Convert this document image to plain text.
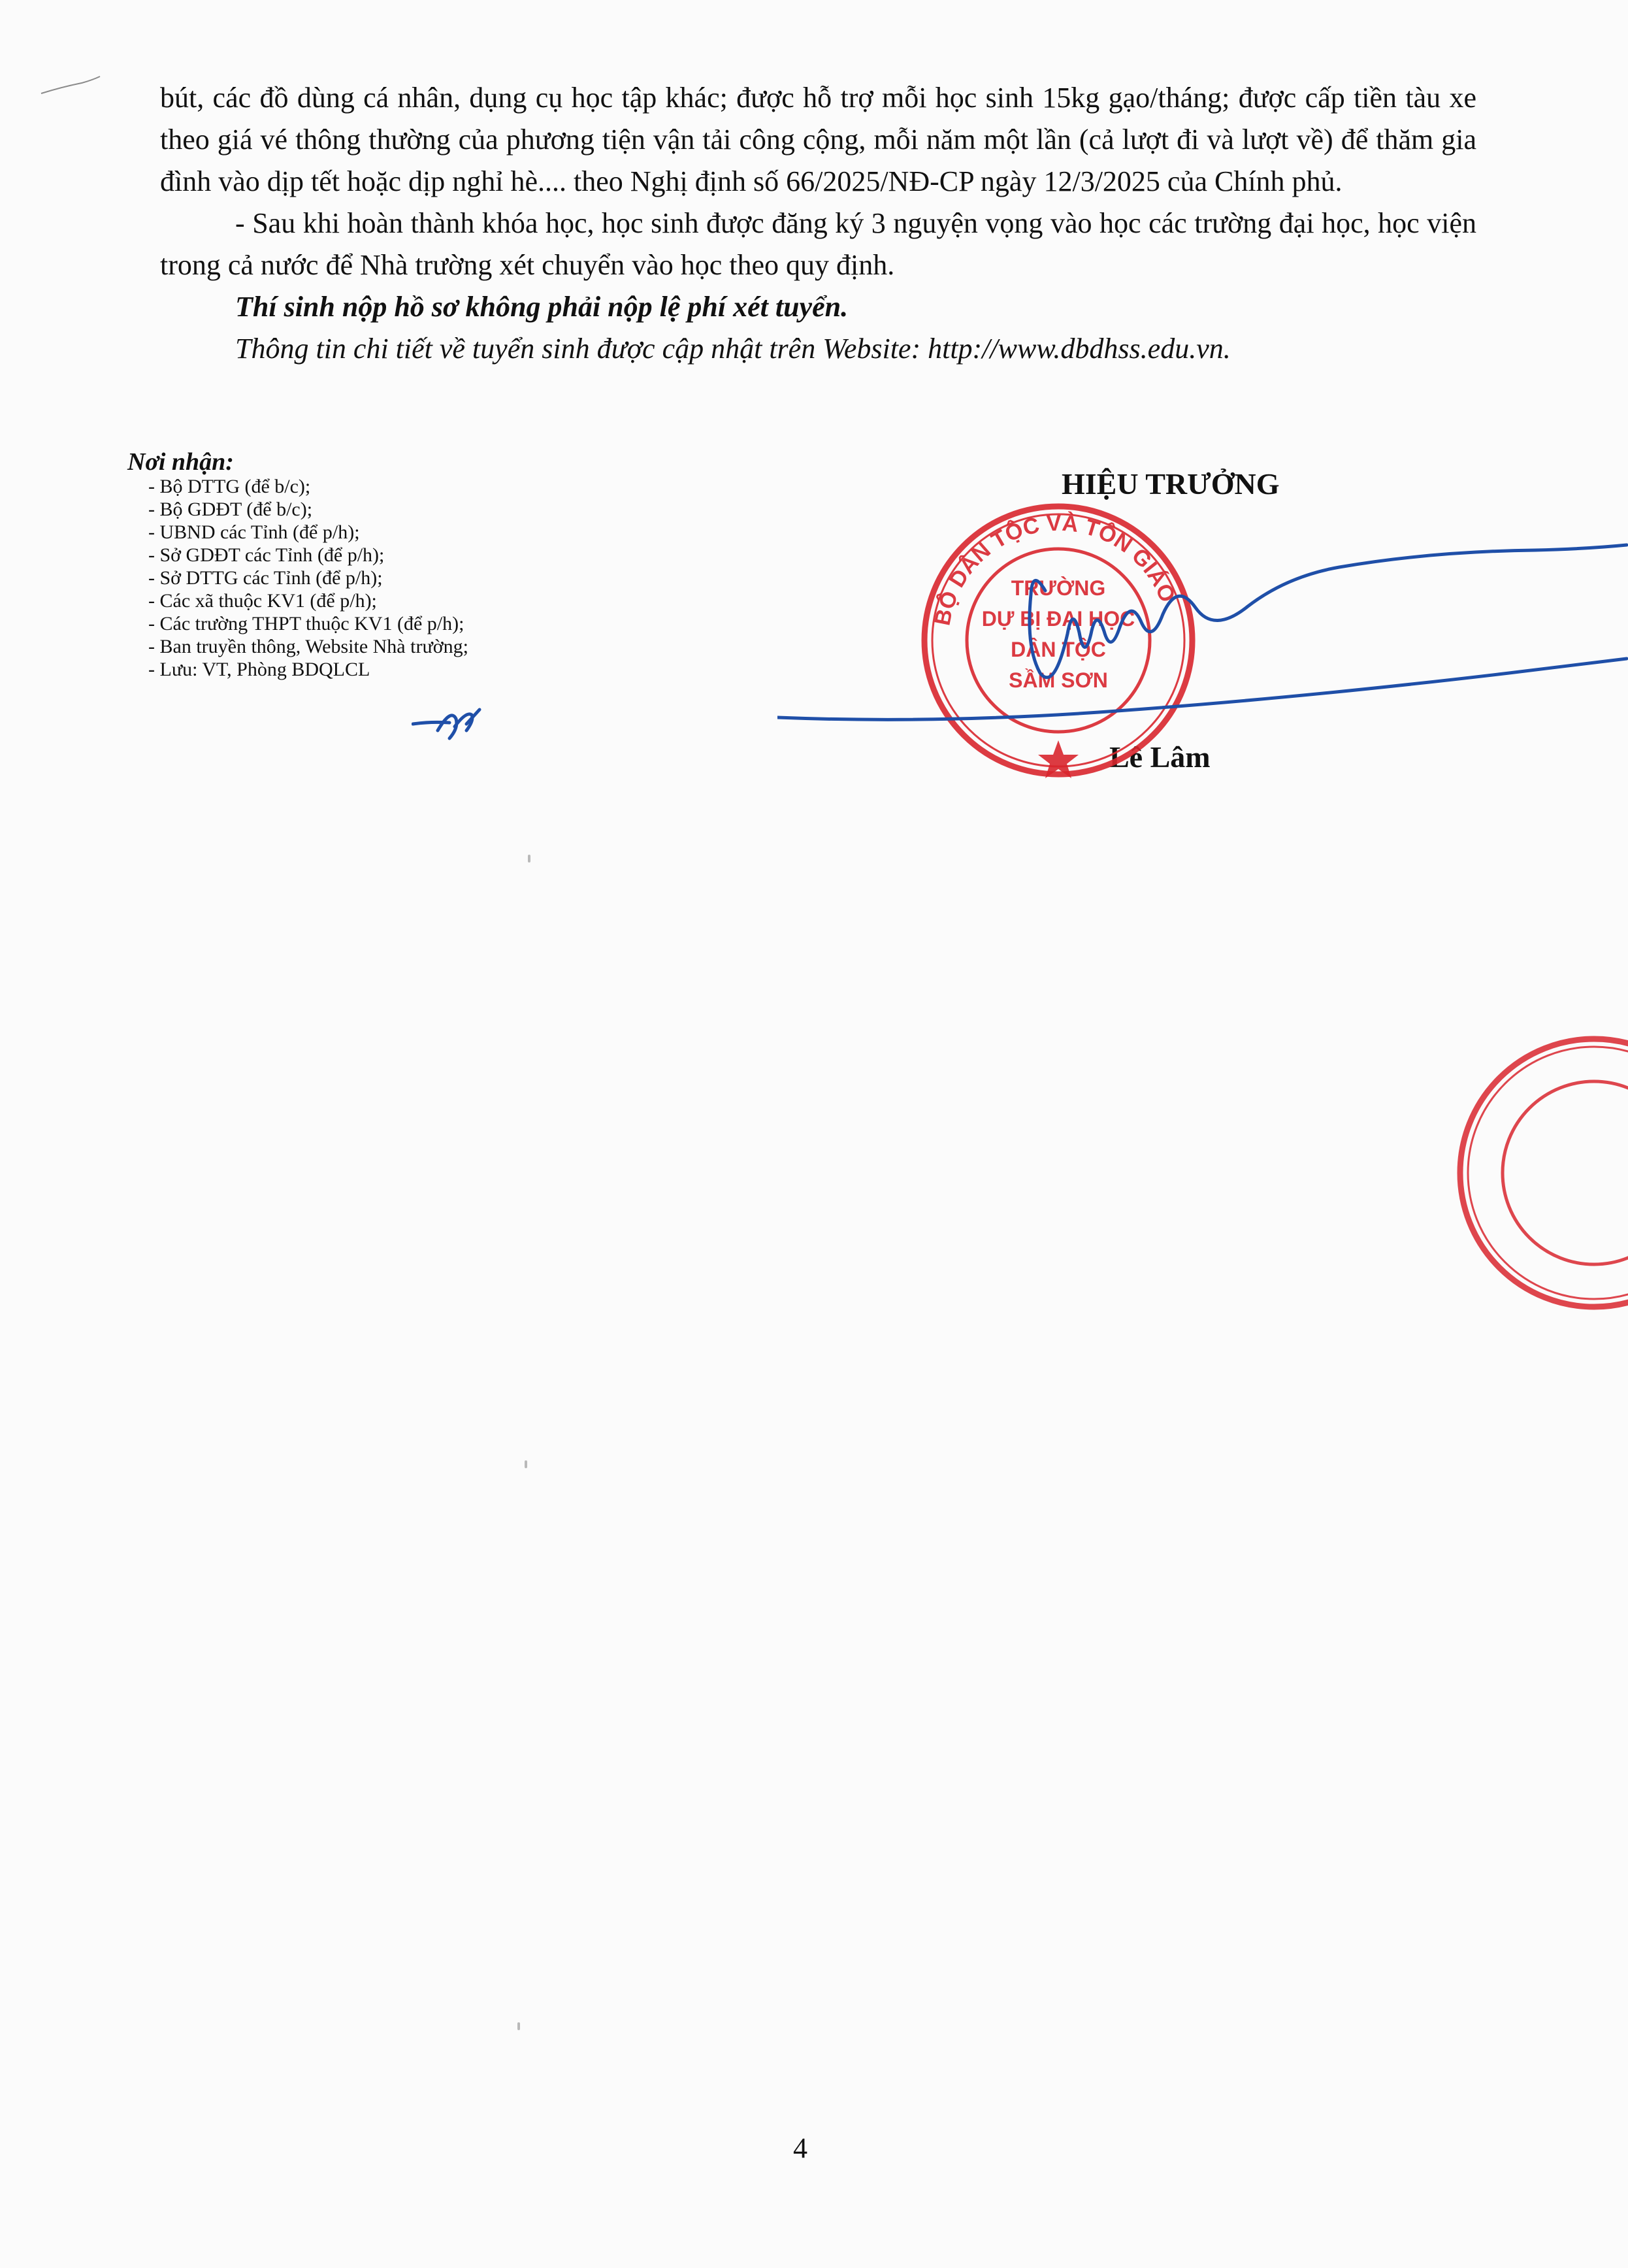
bút, các đồ dùng cá nhân, dụng cụ học tập khác; được hỗ trợ mỗi học sinh 15kg gạo/tháng; được cấp tiền tàu xe theo giá vé thông thường của phương tiện vận tải công cộng, mỗi năm một lần (cả lượt đi và lượt về) để thăm gia đình vào dịp tết hoặc dịp nghỉ hè.... theo Nghị định số 66/2025/NĐ-CP ngày 12/3/2025 của Chính phủ.

- Sau khi hoàn thành khóa học, học sinh được đăng ký 3 nguyện vọng vào học các trường đại học, học viện trong cả nước để Nhà trường xét chuyển vào học theo quy định.

Thí sinh nộp hồ sơ không phải nộp lệ phí xét tuyển.

Thông tin chi tiết về tuyển sinh được cập nhật trên Website: http://www.dbdhss.edu.vn.

Nơi nhận:
- Bộ DTTG (để b/c);
- Bộ GDĐT (để b/c);
- UBND các Tỉnh (để p/h);
- Sở GDĐT các Tỉnh (để p/h);
- Sở DTTG các Tỉnh (để p/h);
- Các xã thuộc KV1 (để p/h);
- Các trường THPT thuộc KV1 (để p/h);
- Ban truyền thông, Website Nhà trường;
- Lưu: VT, Phòng BDQLCL
HIỆU TRƯỞNG
Lê Lâm
BỘ DÂN TỘC VÀ TÔN GIÁO
TRƯỜNG
DỰ BỊ ĐẠI HỌC
DÂN TỘC
SẦM SƠN
4
